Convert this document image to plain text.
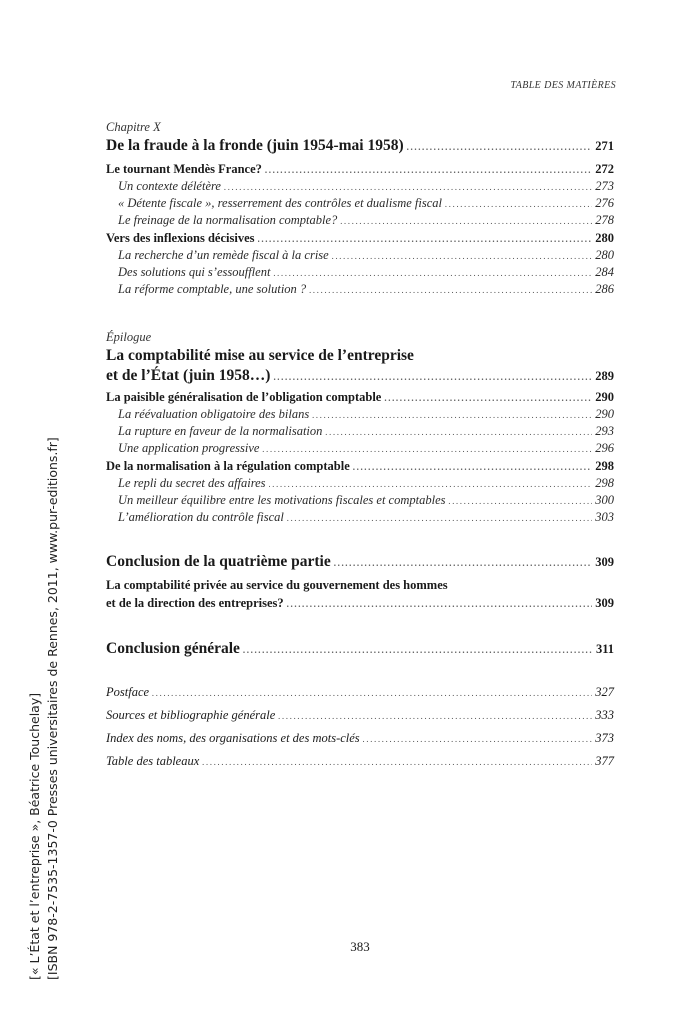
TABLE DES MATIÈRES
Chapitre X
De la fraude à la fronde (juin 1954-mai 1958) .....	271
Le tournant Mendès France? .....	272
Un contexte délétère .....	273
« Détente fiscale », resserrement des contrôles et dualisme fiscal .....	276
Le freinage de la normalisation comptable? .....	278
Vers des inflexions décisives .....	280
La recherche d’un remède fiscal à la crise .....	280
Des solutions qui s’essoufflent .....	284
La réforme comptable, une solution ? .....	286
Épilogue
La comptabilité mise au service de l’entreprise
et de l’État (juin 1958…) .....	289
La paisible généralisation de l’obligation comptable .....	290
La réévaluation obligatoire des bilans .....	290
La rupture en faveur de la normalisation .....	293
Une application progressive .....	296
De la normalisation à la régulation comptable .....	298
Le repli du secret des affaires .....	298
Un meilleur équilibre entre les motivations fiscales et comptables .....	300
L’amélioration du contrôle fiscal .....	303
Conclusion de la quatrième partie .....	309
La comptabilité privée au service du gouvernement des hommes
et de la direction des entreprises? .....	309
Conclusion générale .....	311
Postface .....	327
Sources et bibliographie générale .....	333
Index des noms, des organisations et des mots-clés .....	373
Table des tableaux .....	377
[« L’État et l’entreprise », Béatrice Touchelay] [ISBN 978-2-7535-1357-0 Presses universitaires de Rennes, 2011, www.pur-editions.fr]	383
